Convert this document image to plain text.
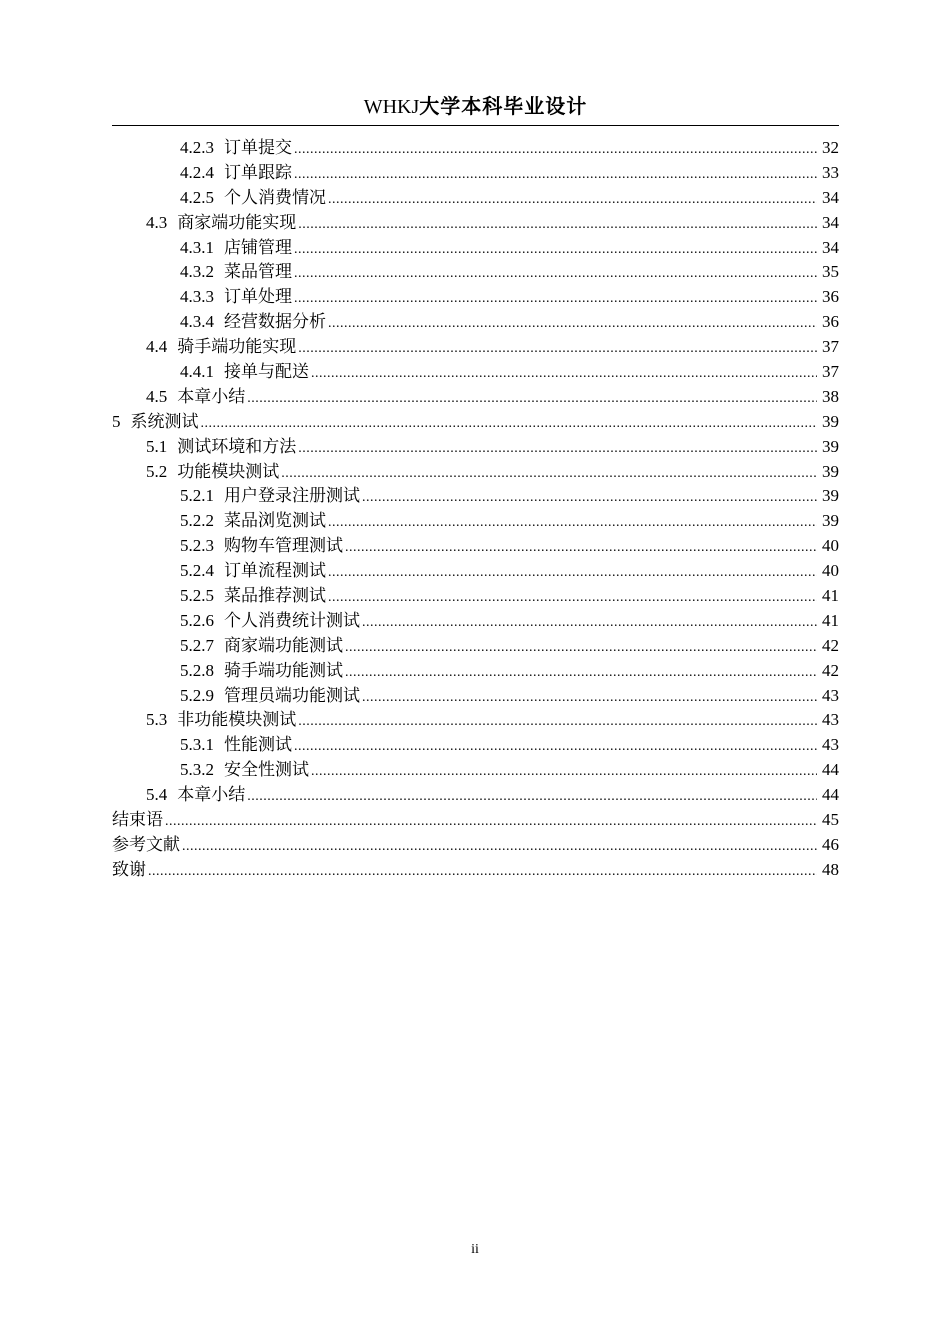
WHKJ大学本科毕业设计
4.2.3 订单提交 .....	32
4.2.4 订单跟踪 .....	33
4.2.5 个人消费情况 .....	34
4.3 商家端功能实现 .....	34
4.3.1 店铺管理 .....	34
4.3.2 菜品管理 .....	35
4.3.3 订单处理 .....	36
4.3.4 经营数据分析 .....	36
4.4 骑手端功能实现 .....	37
4.4.1 接单与配送 .....	37
4.5 本章小结 .....	38
5 系统测试 .....	39
5.1 测试环境和方法 .....	39
5.2 功能模块测试 .....	39
5.2.1 用户登录注册测试 .....	39
5.2.2 菜品浏览测试 .....	39
5.2.3 购物车管理测试 .....	40
5.2.4 订单流程测试 .....	40
5.2.5 菜品推荐测试 .....	41
5.2.6 个人消费统计测试 .....	41
5.2.7 商家端功能测试 .....	42
5.2.8 骑手端功能测试 .....	42
5.2.9 管理员端功能测试 .....	43
5.3 非功能模块测试 .....	43
5.3.1 性能测试 .....	43
5.3.2 安全性测试 .....	44
5.4 本章小结 .....	44
结束语 .....	45
参考文献 .....	46
致谢 .....	48
ii
